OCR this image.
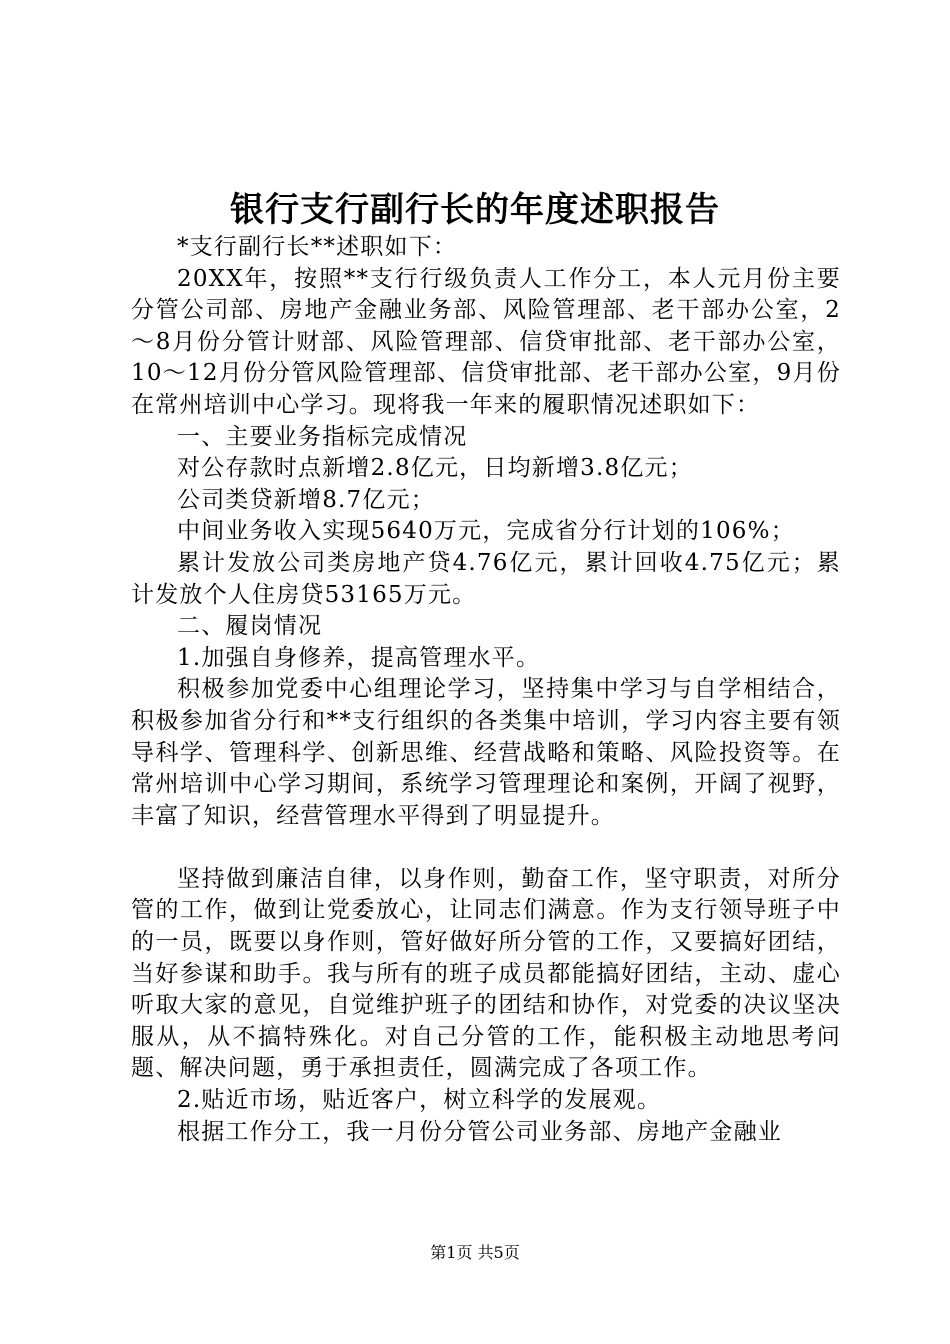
银行支行副行长的年度述职报告

*支行副行长**述职如下：

20XX年，按照**支行行级负责人工作分工，本人元月份主要分管公司部、房地产金融业务部、风险管理部、老干部办公室，2～8月份分管计财部、风险管理部、信贷审批部、老干部办公室，10～12月份分管风险管理部、信贷审批部、老干部办公室，9月份在常州培训中心学习。现将我一年来的履职情况述职如下：

一、主要业务指标完成情况

对公存款时点新增2.8亿元，日均新增3.8亿元；

公司类贷新增8.7亿元；

中间业务收入实现5640万元，完成省分行计划的106%；

累计发放公司类房地产贷4.76亿元，累计回收4.75亿元；累计发放个人住房贷53165万元。

二、履岗情况

1.加强自身修养，提高管理水平。

积极参加党委中心组理论学习，坚持集中学习与自学相结合，积极参加省分行和**支行组织的各类集中培训，学习内容主要有领导科学、管理科学、创新思维、经营战略和策略、风险投资等。在常州培训中心学习期间，系统学习管理理论和案例，开阔了视野，丰富了知识，经营管理水平得到了明显提升。

坚持做到廉洁自律，以身作则，勤奋工作，坚守职责，对所分管的工作，做到让党委放心，让同志们满意。作为支行领导班子中的一员，既要以身作则，管好做好所分管的工作，又要搞好团结，当好参谋和助手。我与所有的班子成员都能搞好团结，主动、虚心听取大家的意见，自觉维护班子的团结和协作，对党委的决议坚决服从，从不搞特殊化。对自己分管的工作，能积极主动地思考问题、解决问题，勇于承担责任，圆满完成了各项工作。

2.贴近市场，贴近客户，树立科学的发展观。

根据工作分工，我一月份分管公司业务部、房地产金融业

第1页 共5页
